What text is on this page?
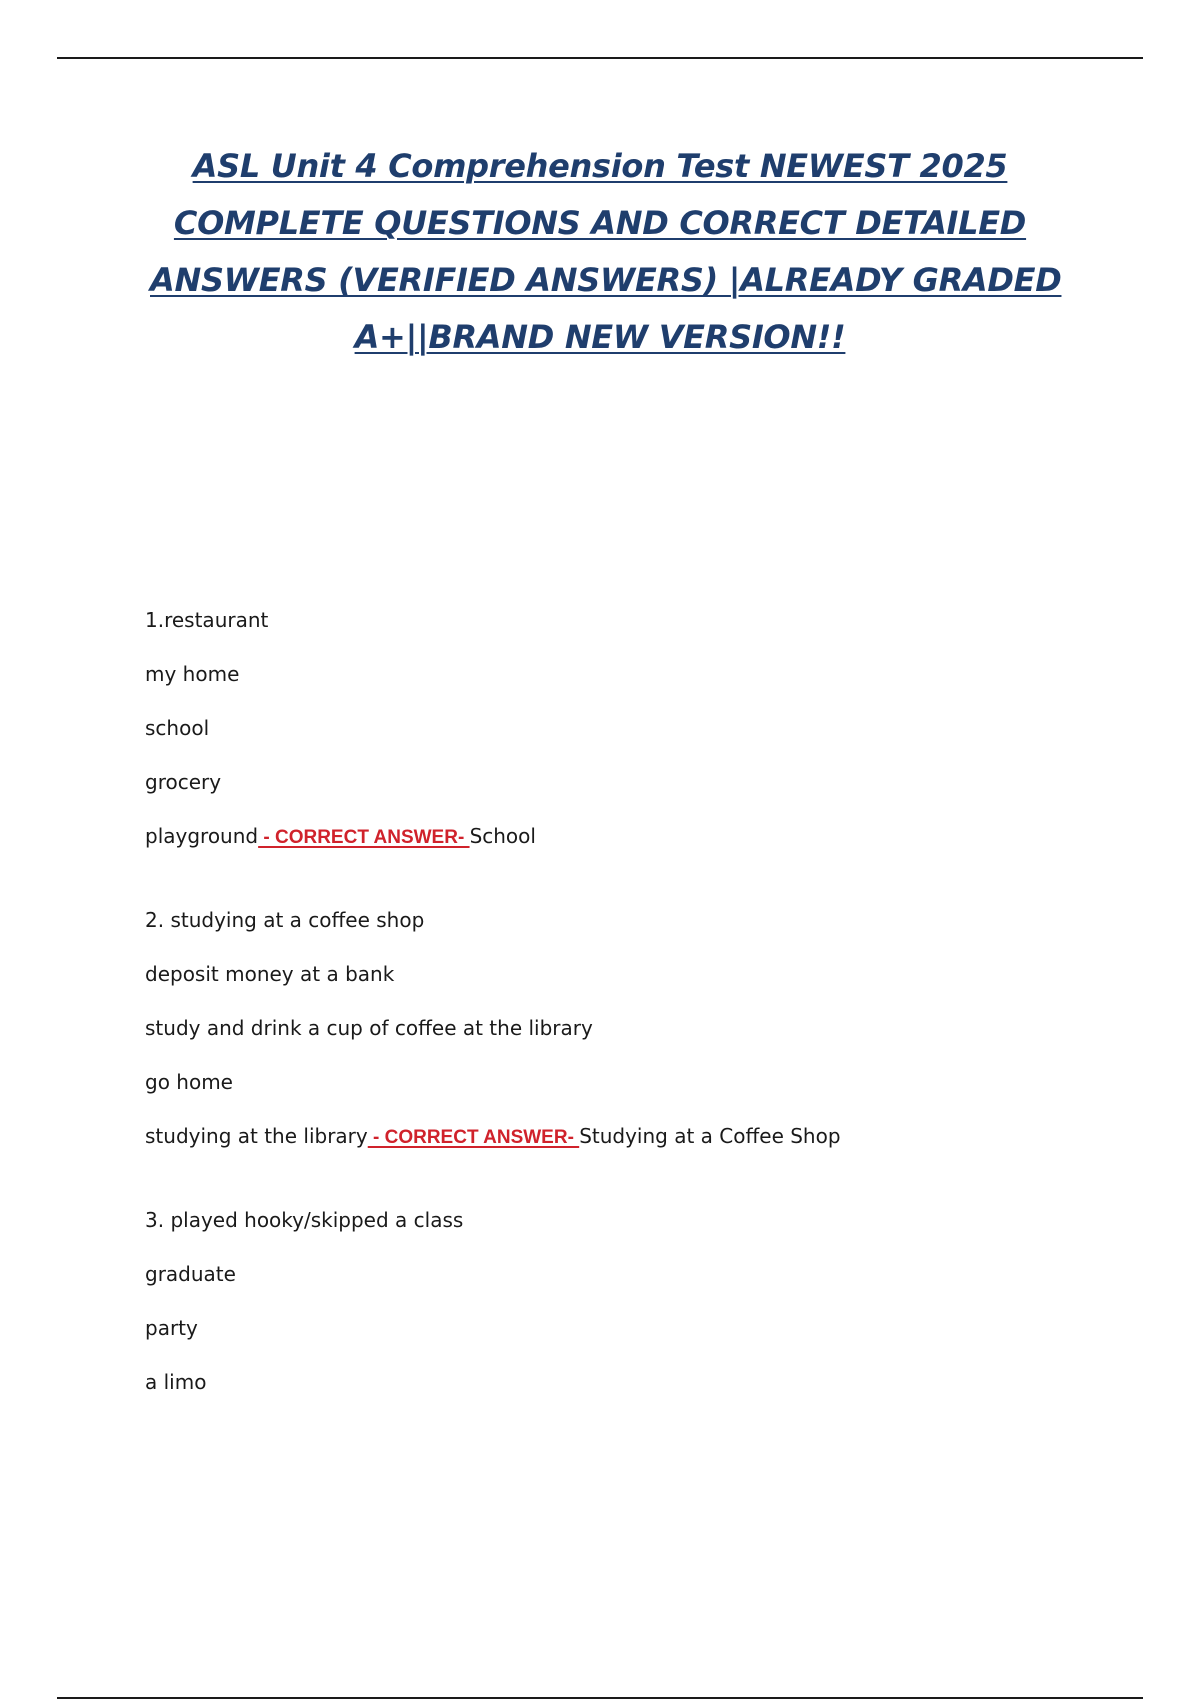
ASL Unit 4 Comprehension Test NEWEST 2025
COMPLETE QUESTIONS AND CORRECT DETAILED
ANSWERS (VERIFIED ANSWERS) |ALREADY GRADED
A+||BRAND NEW VERSION!!
1.restaurant
my home
school
grocery
playground - CORRECT ANSWER- School
2. studying at a coffee shop
deposit money at a bank
study and drink a cup of coffee at the library
go home
studying at the library - CORRECT ANSWER- Studying at a Coffee Shop
3. played hooky/skipped a class
graduate
party
a limo
